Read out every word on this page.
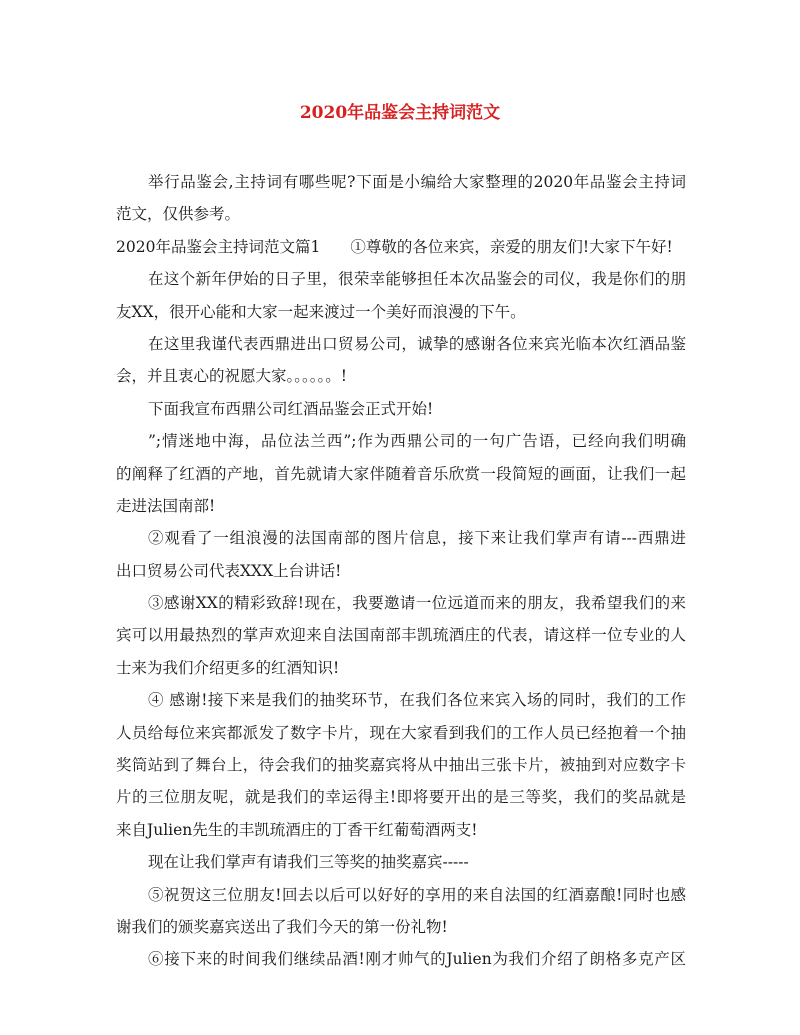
2020年品鉴会主持词范文
举行品鉴会,主持词有哪些呢?下面是小编给大家整理的2020年品鉴会主持词
范文，仅供参考。
2020年品鉴会主持词范文篇1 ①尊敬的各位来宾，亲爱的朋友们!大家下午好!
在这个新年伊始的日子里，很荣幸能够担任本次品鉴会的司仪，我是你们的朋
友XX，很开心能和大家一起来渡过一个美好而浪漫的下午。
在这里我谨代表西鼎进出口贸易公司，诚挚的感谢各位来宾光临本次红酒品鉴
会，并且衷心的祝愿大家。。。。。。!
下面我宣布西鼎公司红酒品鉴会正式开始!
”;情迷地中海，品位法兰西”;作为西鼎公司的一句广告语，已经向我们明确
的阐释了红酒的产地，首先就请大家伴随着音乐欣赏一段简短的画面，让我们一起
走进法国南部!
②观看了一组浪漫的法国南部的图片信息，接下来让我们掌声有请---西鼎进
出口贸易公司代表XXX上台讲话!
③感谢XX的精彩致辞!现在，我要邀请一位远道而来的朋友，我希望我们的来
宾可以用最热烈的掌声欢迎来自法国南部丰凯琉酒庄的代表，请这样一位专业的人
士来为我们介绍更多的红酒知识!
④ 感谢!接下来是我们的抽奖环节，在我们各位来宾入场的同时，我们的工作
人员给每位来宾都派发了数字卡片，现在大家看到我们的工作人员已经抱着一个抽
奖筒站到了舞台上，待会我们的抽奖嘉宾将从中抽出三张卡片，被抽到对应数字卡
片的三位朋友呢，就是我们的幸运得主!即将要开出的是三等奖，我们的奖品就是
来自Julien先生的丰凯琉酒庄的丁香干红葡萄酒两支!
现在让我们掌声有请我们三等奖的抽奖嘉宾-----
⑤祝贺这三位朋友!回去以后可以好好的享用的来自法国的红酒嘉酿!同时也感
谢我们的颁奖嘉宾送出了我们今天的第一份礼物!
⑥接下来的时间我们继续品酒!刚才帅气的Julien为我们介绍了朗格多克产区
